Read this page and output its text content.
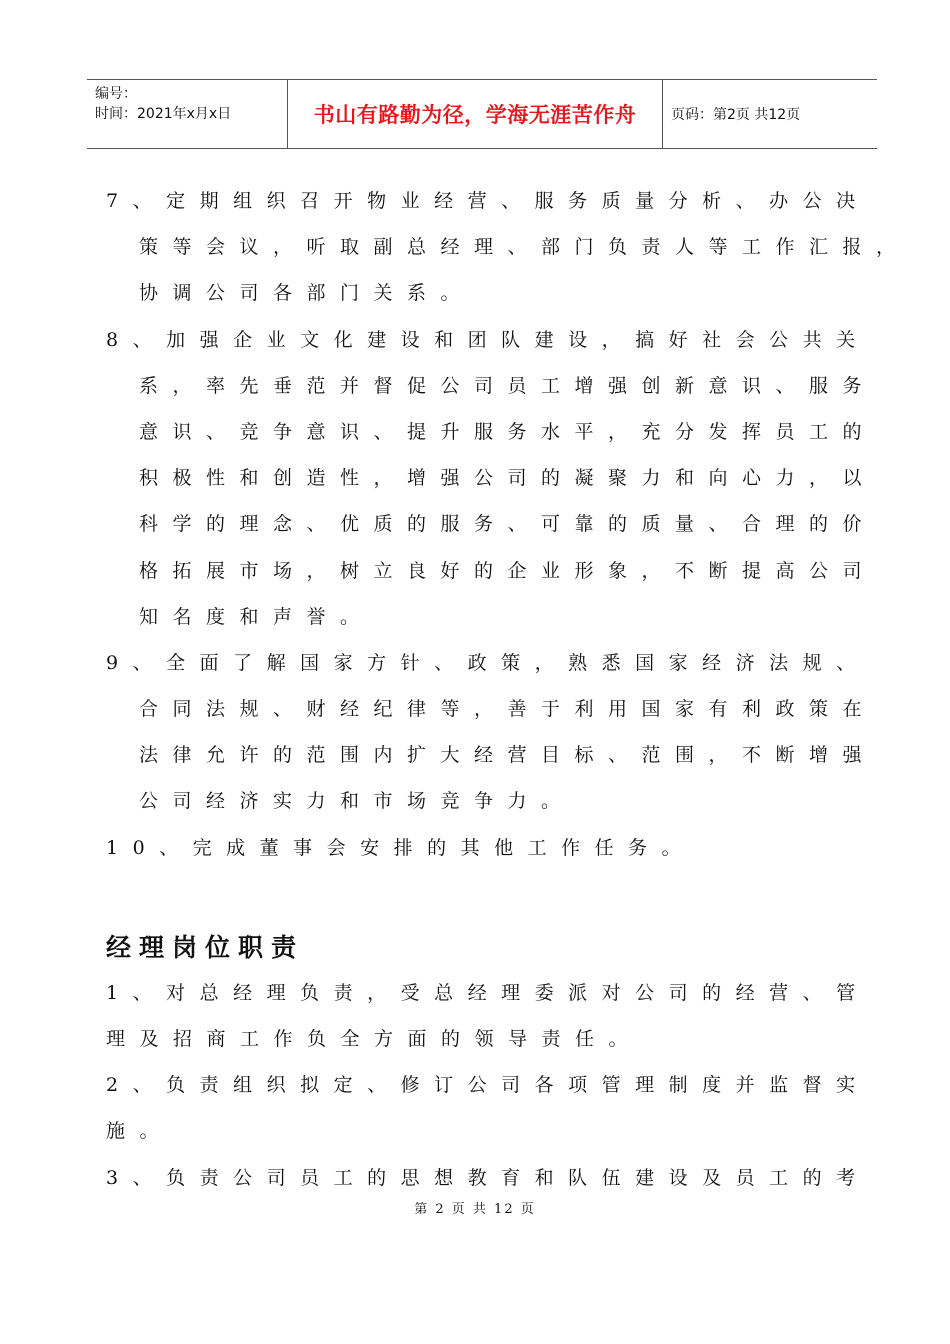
编号：
时间：2021年x月x日	书山有路勤为径，学海无涯苦作舟	页码：第2页 共12页
7、定期组织召开物业经营、服务质量分析、办公决
策等会议，听取副总经理、部门负责人等工作汇报，
协调公司各部门关系。
8、加强企业文化建设和团队建设，搞好社会公共关
系，率先垂范并督促公司员工增强创新意识、服务
意识、竞争意识、提升服务水平，充分发挥员工的
积极性和创造性，增强公司的凝聚力和向心力，以
科学的理念、优质的服务、可靠的质量、合理的价
格拓展市场，树立良好的企业形象，不断提高公司
知名度和声誉。
9、全面了解国家方针、政策，熟悉国家经济法规、
合同法规、财经纪律等，善于利用国家有利政策在
法律允许的范围内扩大经营目标、范围，不断增强
公司经济实力和市场竞争力。
10、完成董事会安排的其他工作任务。
经理岗位职责
1、对总经理负责，受总经理委派对公司的经营、管
理及招商工作负全方面的领导责任。
2、负责组织拟定、修订公司各项管理制度并监督实
施。
3、负责公司员工的思想教育和队伍建设及员工的考
第 2 页 共 12 页
